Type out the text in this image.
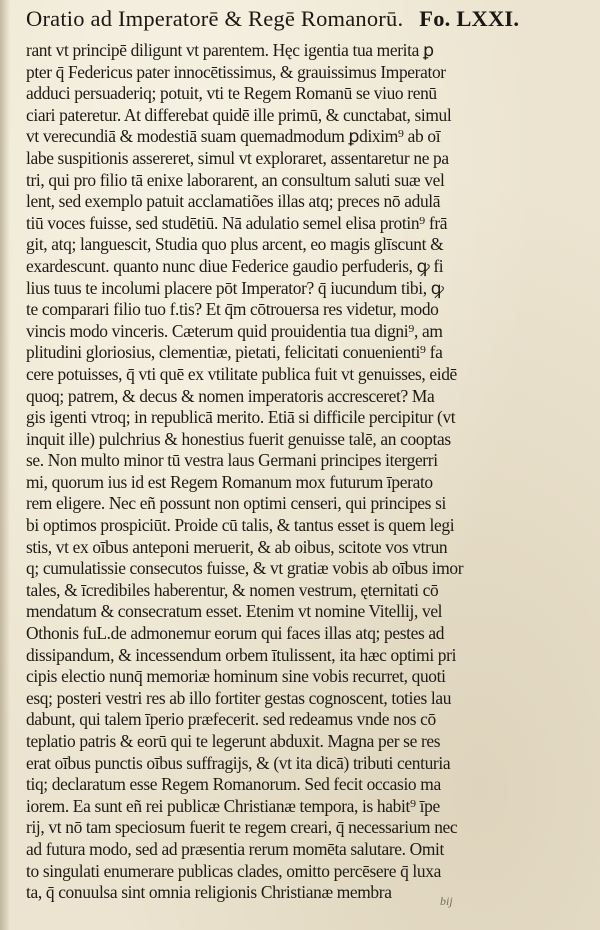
Oratio ad Imperatorē & Regē Romanorū. Fo. LXXI.
rant vt principē diligunt vt parentem. Hęc igentia tua merita ꝑ
pter q̄ Federicus pater innocētissimus, & grauissimus Imperator
adduci persuaderiq; potuit, vti te Regem Romanū se viuo renū
ciari pateretur. At differebat quidē ille primū, & cunctabat, simul
vt verecundiā & modestiā suam quemadmodum ꝑdixim⁹ ab oī
labe suspitionis assereret, simul vt exploraret, assentaretur ne pa
tri, qui pro filio tā enixe laborarent, an consultum saluti suæ vel
lent, sed exemplo patuit acclamatiões illas atq; preces nō adulā
tiū voces fuisse, sed studētiū. Nā adulatio semel elisa protin⁹ frā
git, atq; languescit, Studia quo plus arcent, eo magis glīscunt &
exardescunt. quanto nunc diue Federice gaudio perfuderis, ꝙ fi
lius tuus te incolumi placere pōt Imperator? q̄ iucundum tibi, ꝙ
te comparari filio tuo f.tis? Et q̄m cōtrouersa res videtur, modo
vincis modo vinceris. Cæterum quid prouidentia tua digni⁹, am
plitudini gloriosius, clementiæ, pietati, felicitati conuenienti⁹ fa
cere potuisses, q̄ vti quē ex vtilitate publica fuit vt genuisses, eidē
quoq; patrem, & decus & nomen imperatoris accresceret? Ma
gis igenti vtroq; in republicā merito. Etiā si difficile percipitur (vt
inquit ille) pulchrius & honestius fuerit genuisse talē, an cooptas
se. Non multo minor tū vestra laus Germani principes itergerri
mi, quorum ius id est Regem Romanum mox futurum īperato
rem eligere. Nec eñ possunt non optimi censeri, qui principes si
bi optimos prospiciūt. Proide cū talis, & tantus esset is quem legi
stis, vt ex oībus anteponi meruerit, & ab oibus, scitote vos vtrun
q; cumulatissie consecutos fuisse, & vt gratiæ vobis ab oībus imor
tales, & īcredibiles haberentur, & nomen vestrum, ęternitati cō
mendatum & consecratum esset. Etenim vt nomine Vitellij, vel
Othonis fuL.de admonemur eorum qui faces illas atq; pestes ad
dissipandum, & incessendum orbem ītulissent, ita hæc optimi pri
cipis electio nunq̄ memoriæ hominum sine vobis recurret, quoti
esq; posteri vestri res ab illo fortiter gestas cognoscent, toties lau
dabunt, qui talem īperio præfecerit. sed redeamus vnde nos cō
teplatio patris & eorū qui te legerunt abduxit. Magna per se res
erat oībus punctis oībus suffragijs, & (vt ita dicā) tributi centuria
tiq; declaratum esse Regem Romanorum. Sed fecit occasio ma
iorem. Ea sunt eñ rei publicæ Christianæ tempora, is habit⁹ īpe
rij, vt nō tam speciosum fuerit te regem creari, q̄ necessarium nec
ad futura modo, sed ad præsentia rerum momēta salutare. Omit
to singulati enumerare publicas clades, omitto percēsere q̄ luxa
ta, q̄ conuulsa sint omnia religionis Christianæ membra	bij
